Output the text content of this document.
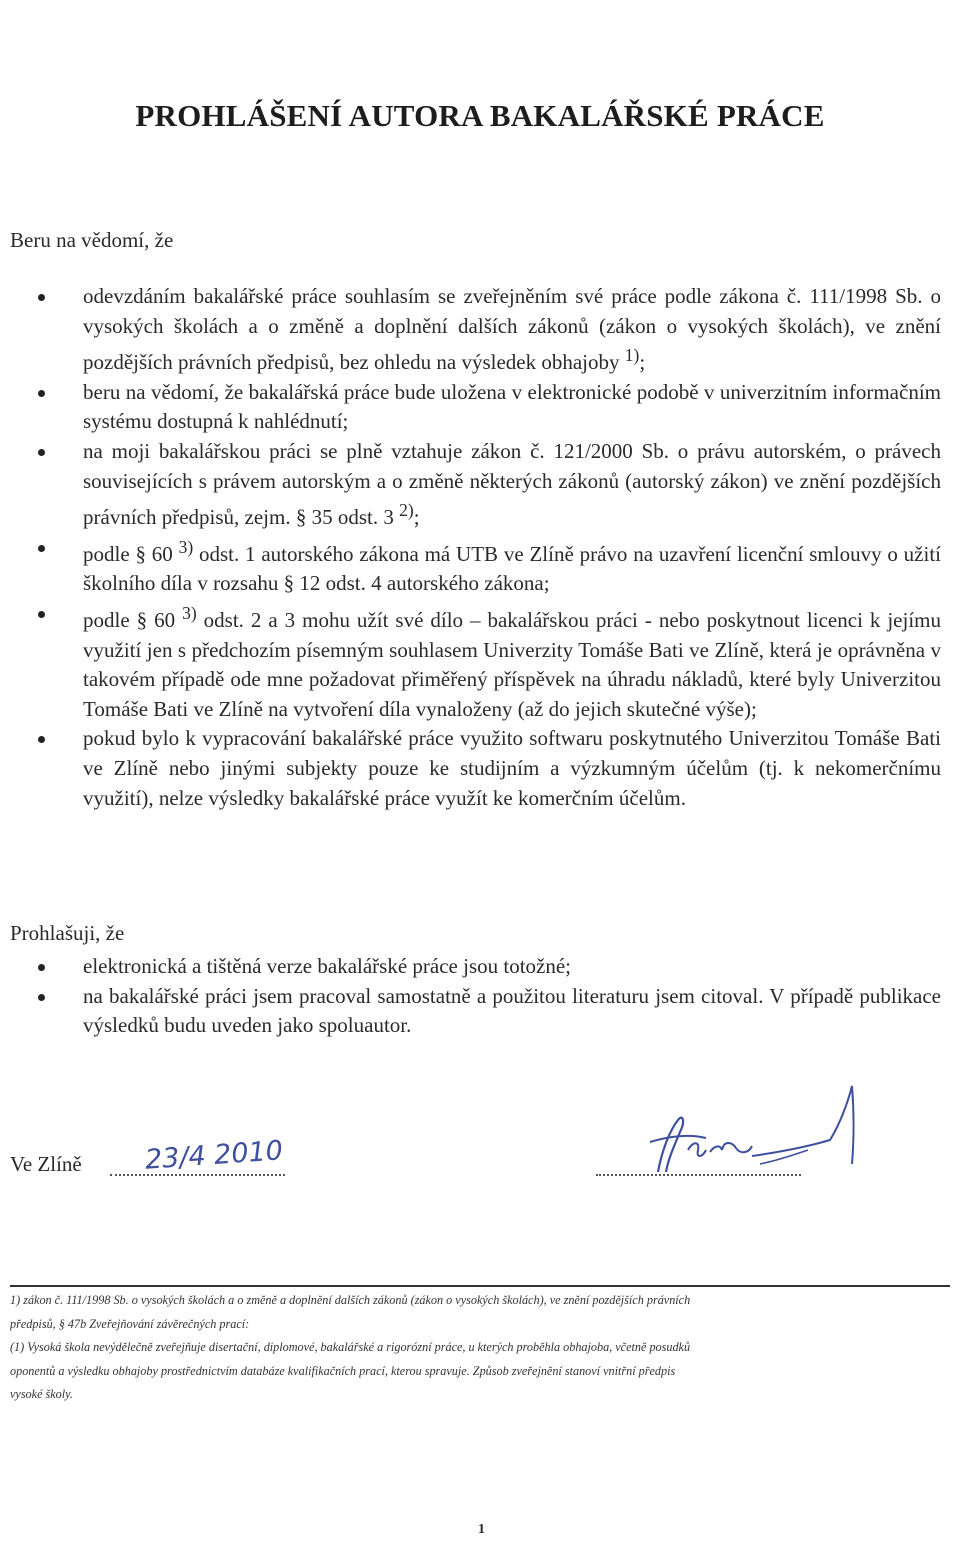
PROHLÁŠENÍ AUTORA BAKALÁŘSKÉ PRÁCE
Beru na vědomí, že
odevzdáním bakalářské práce souhlasím se zveřejněním své práce podle zákona č. 111/1998 Sb. o vysokých školách a o změně a doplnění dalších zákonů (zákon o vysokých školách), ve znění pozdějších právních předpisů, bez ohledu na výsledek obhajoby $^{1)}$;
beru na vědomí, že bakalářská práce bude uložena v elektronické podobě v univerzitním informačním systému dostupná k nahlédnutí;
na moji bakalářskou práci se plně vztahuje zákon č. 121/2000 Sb. o právu autorském, o právech souvisejících s právem autorským a o změně některých zákonů (autorský zákon) ve znění pozdějších právních předpisů, zejm. § 35 odst. 3 $^{2)}$;
podle § 60 $^{3)}$ odst. 1 autorského zákona má UTB ve Zlíně právo na uzavření licenční smlouvy o užití školního díla v rozsahu § 12 odst. 4 autorského zákona;
podle § 60 $^{3)}$ odst. 2 a 3 mohu užít své dílo – bakalářskou práci - nebo poskytnout licenci k jejímu využití jen s předchozím písemným souhlasem Univerzity Tomáše Bati ve Zlíně, která je oprávněna v takovém případě ode mne požadovat přiměřený příspěvek na úhradu nákladů, které byly Univerzitou Tomáše Bati ve Zlíně na vytvoření díla vynaloženy (až do jejich skutečné výše);
pokud bylo k vypracování bakalářské práce využito softwaru poskytnutého Univerzitou Tomáše Bati ve Zlíně nebo jinými subjekty pouze ke studijním a výzkumným účelům (tj. k nekomerčnímu využití), nelze výsledky bakalářské práce využít ke komerčním účelům.
Prohlašuji, že
elektronická a tištěná verze bakalářské práce jsou totožné;
na bakalářské práci jsem pracoval samostatně a použitou literaturu jsem citoval. V případě publikace výsledků budu uveden jako spoluautor.
Ve Zlíně 23/4 2010
1) zákon č. 111/1998 Sb. o vysokých školách a o změně a doplnění dalších zákonů (zákon o vysokých školách), ve znění pozdějších právních
předpisů, § 47b Zveřejňování závěrečných prací:
(1) Vysoká škola nevýdělečně zveřejňuje disertační, diplomové, bakalářské a rigorózní práce, u kterých proběhla obhajoba, včetně posudků
oponentů a výsledku obhajoby prostřednictvím databáze kvalifikačních prací, kterou spravuje. Způsob zveřejnění stanoví vnitřní předpis
vysoké školy.
1
